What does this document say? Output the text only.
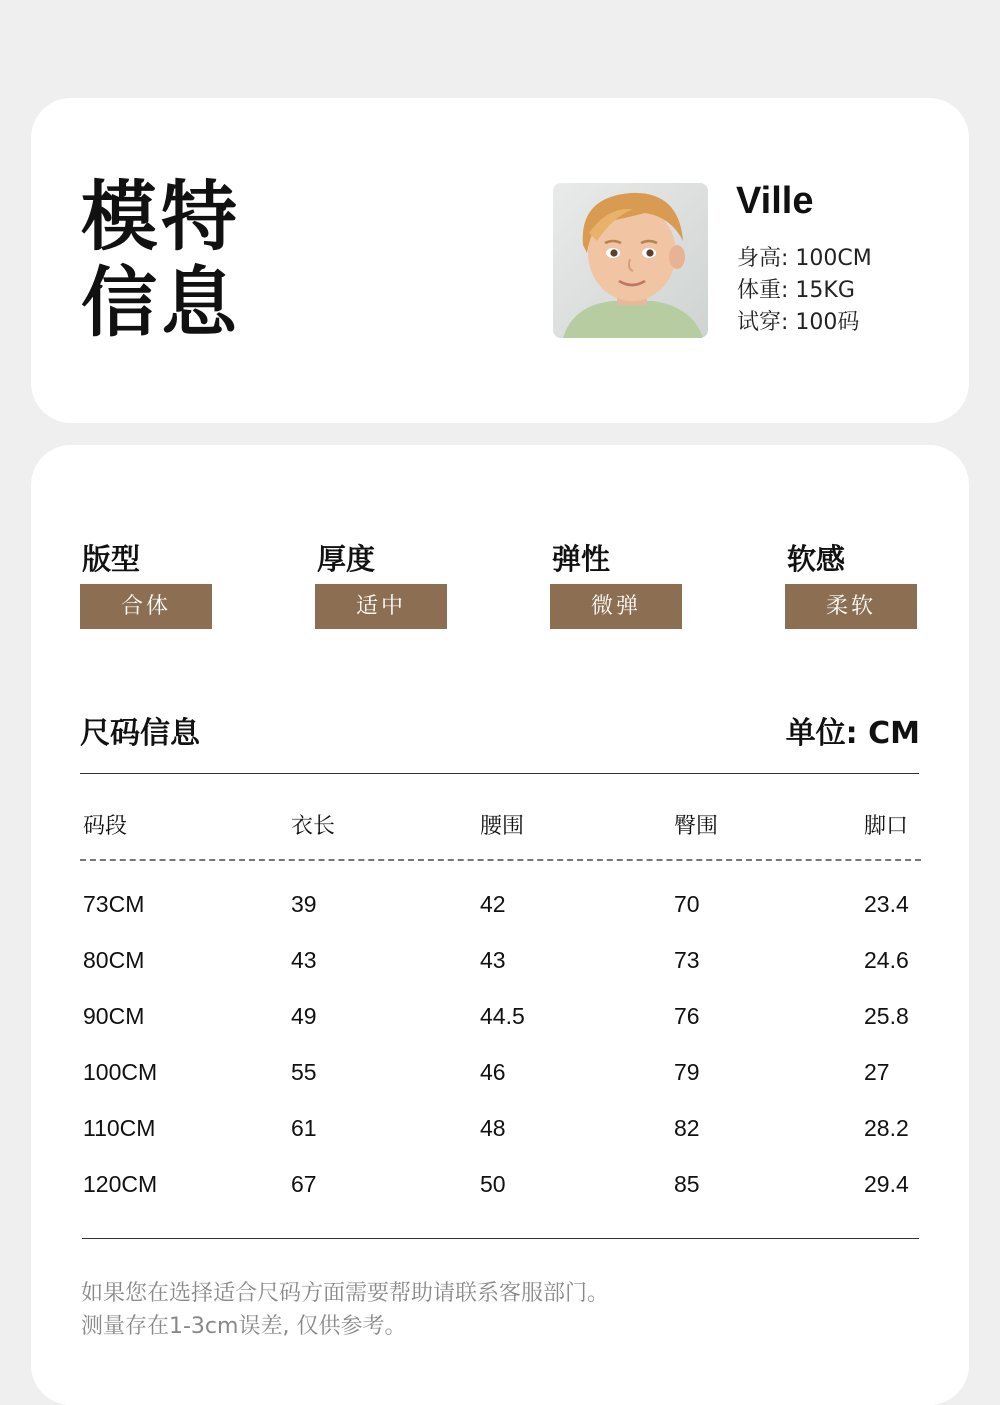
模特
信息
Ville
身高: 100CM
体重: 15KG
试穿: 100码
版型
合体
厚度
适中
弹性
微弹
软感
柔软
尺码信息	单位: CM
码段	衣长	腰围	臀围	脚口
73CM	39	42	70	23.4
80CM	43	43	73	24.6
90CM	49	44.5	76	25.8
100CM	55	46	79	27
110CM	61	48	82	28.2
120CM	67	50	85	29.4
如果您在选择适合尺码方面需要帮助请联系客服部门。
测量存在1-3cm误差, 仅供参考。
